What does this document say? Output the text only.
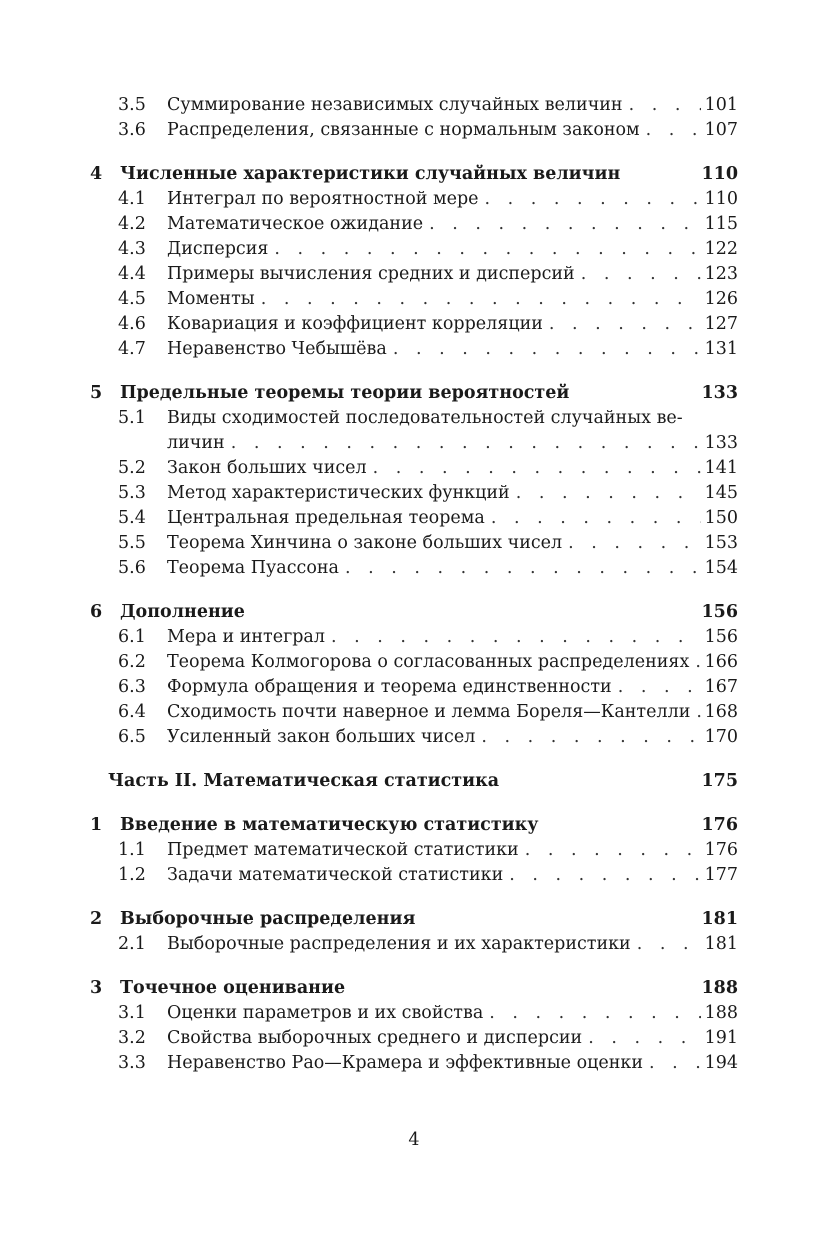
3.5 Суммирование независимых случайных величин . . .	101
3.6 Распределения, связанные с нормальным законом . . .	107
4 Численные характеристики случайных величин	110
4.1 Интеграл по вероятностной мере . . .	110
4.2 Математическое ожидание . . .	115
4.3 Дисперсия . . .	122
4.4 Примеры вычисления средних и дисперсий . . .	123
4.5 Моменты . . .	126
4.6 Ковариация и коэффициент корреляции . . .	127
4.7 Неравенство Чебышёва . . .	131
5 Предельные теоремы теории вероятностей	133
5.1 Виды сходимостей последовательностей случайных ве-
личин . . .	133
5.2 Закон больших чисел . . .	141
5.3 Метод характеристических функций . . .	145
5.4 Центральная предельная теорема . . .	150
5.5 Теорема Хинчина о законе больших чисел . . .	153
5.6 Теорема Пуассона . . .	154
6 Дополнение	156
6.1 Мера и интеграл . . .	156
6.2 Теорема Колмогорова о согласованных распределениях . . . 166
6.3 Формула обращения и теорема единственности . . .	167
6.4 Сходимость почти наверное и лемма Бореля—Кантелли . . . 168
6.5 Усиленный закон больших чисел . . .	170
Часть II. Математическая статистика	175
1 Введение в математическую статистику	176
1.1 Предмет математической статистики . . .	176
1.2 Задачи математической статистики . . .	177
2 Выборочные распределения	181
2.1 Выборочные распределения и их характеристики . . .	181
3 Точечное оценивание	188
3.1 Оценки параметров и их свойства . . .	188
3.2 Свойства выборочных среднего и дисперсии . . .	191
3.3 Неравенство Рао—Крамера и эффективные оценки . . .	194
4
